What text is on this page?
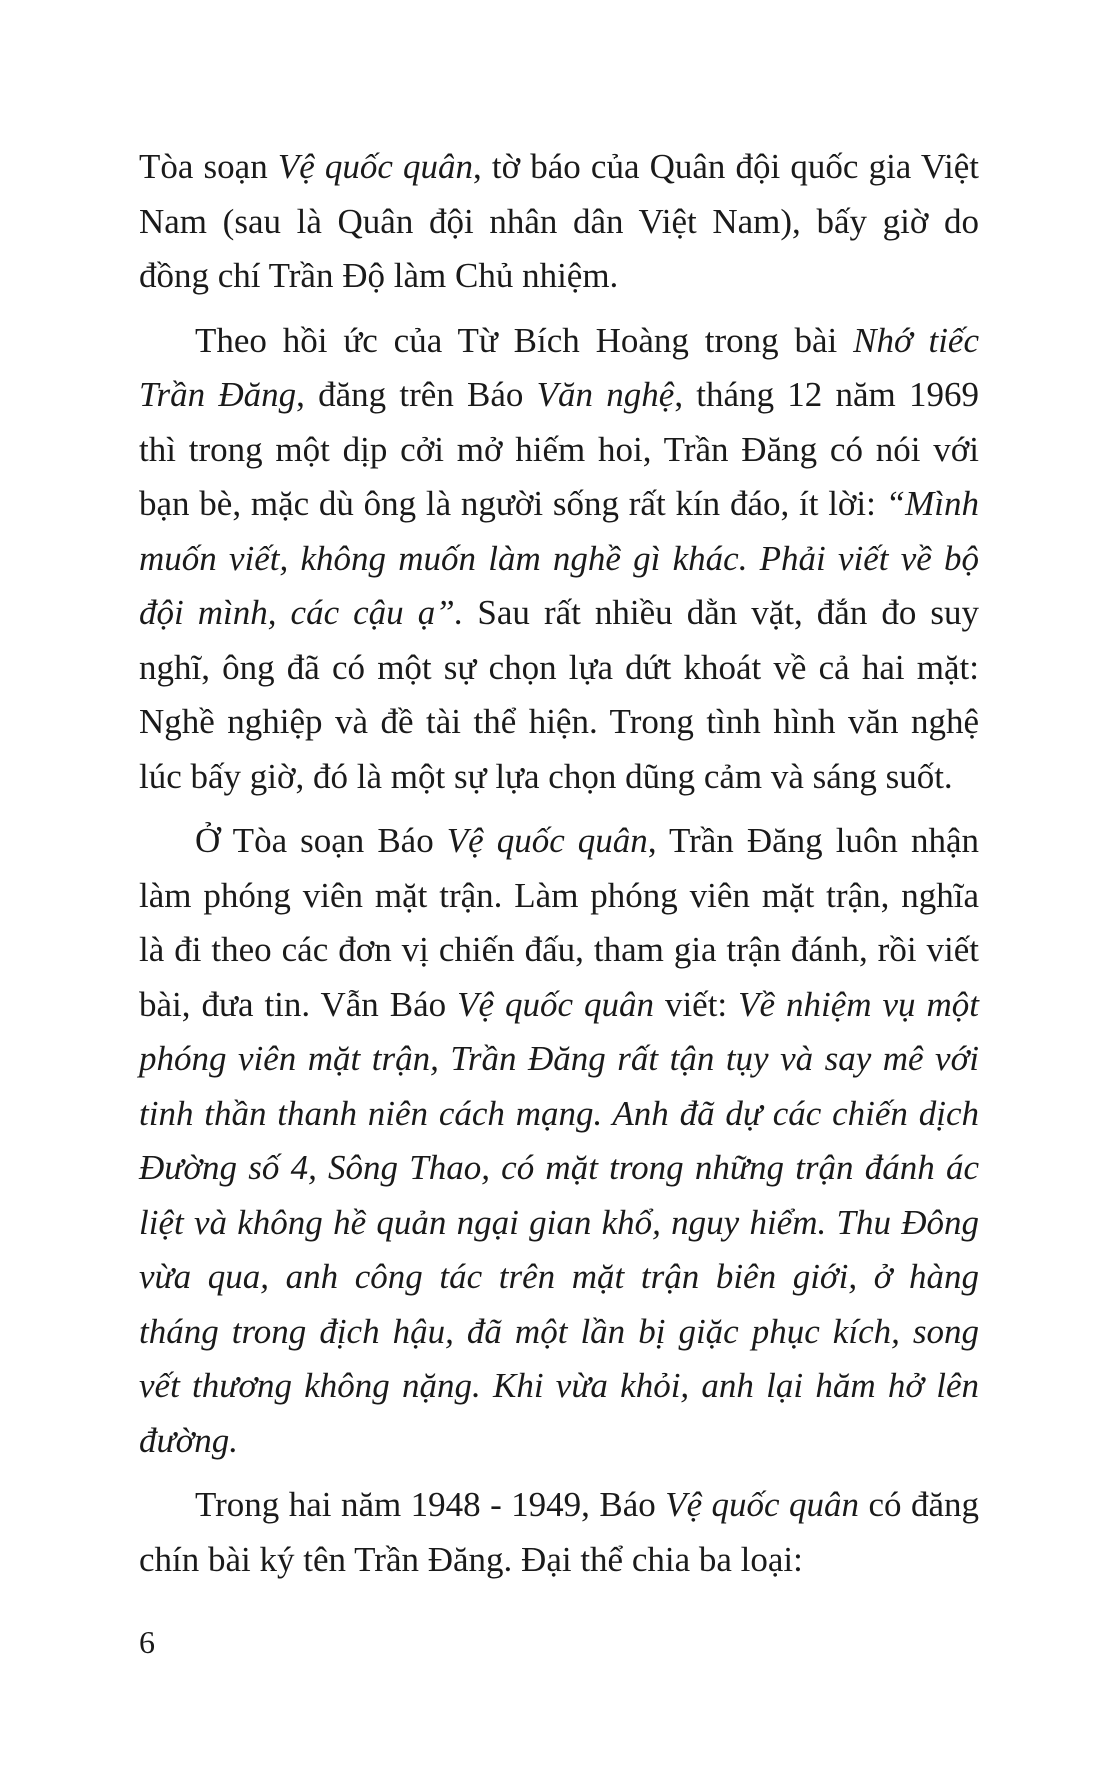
Tòa soạn Vệ quốc quân, tờ báo của Quân đội quốc gia Việt Nam (sau là Quân đội nhân dân Việt Nam), bấy giờ do đồng chí Trần Độ làm Chủ nhiệm.

Theo hồi ức của Từ Bích Hoàng trong bài Nhớ tiếc Trần Đăng, đăng trên Báo Văn nghệ, tháng 12 năm 1969 thì trong một dịp cởi mở hiếm hoi, Trần Đăng có nói với bạn bè, mặc dù ông là người sống rất kín đáo, ít lời: “Mình muốn viết, không muốn làm nghề gì khác. Phải viết về bộ đội mình, các cậu ạ”. Sau rất nhiều dằn vặt, đắn đo suy nghĩ, ông đã có một sự chọn lựa dứt khoát về cả hai mặt: Nghề nghiệp và đề tài thể hiện. Trong tình hình văn nghệ lúc bấy giờ, đó là một sự lựa chọn dũng cảm và sáng suốt.

Ở Tòa soạn Báo Vệ quốc quân, Trần Đăng luôn nhận làm phóng viên mặt trận. Làm phóng viên mặt trận, nghĩa là đi theo các đơn vị chiến đấu, tham gia trận đánh, rồi viết bài, đưa tin. Vẫn Báo Vệ quốc quân viết: Về nhiệm vụ một phóng viên mặt trận, Trần Đăng rất tận tụy và say mê với tinh thần thanh niên cách mạng. Anh đã dự các chiến dịch Đường số 4, Sông Thao, có mặt trong những trận đánh ác liệt và không hề quản ngại gian khổ, nguy hiểm. Thu Đông vừa qua, anh công tác trên mặt trận biên giới, ở hàng tháng trong địch hậu, đã một lần bị giặc phục kích, song vết thương không nặng. Khi vừa khỏi, anh lại hăm hở lên đường.

Trong hai năm 1948 - 1949, Báo Vệ quốc quân có đăng chín bài ký tên Trần Đăng. Đại thể chia ba loại:

6
